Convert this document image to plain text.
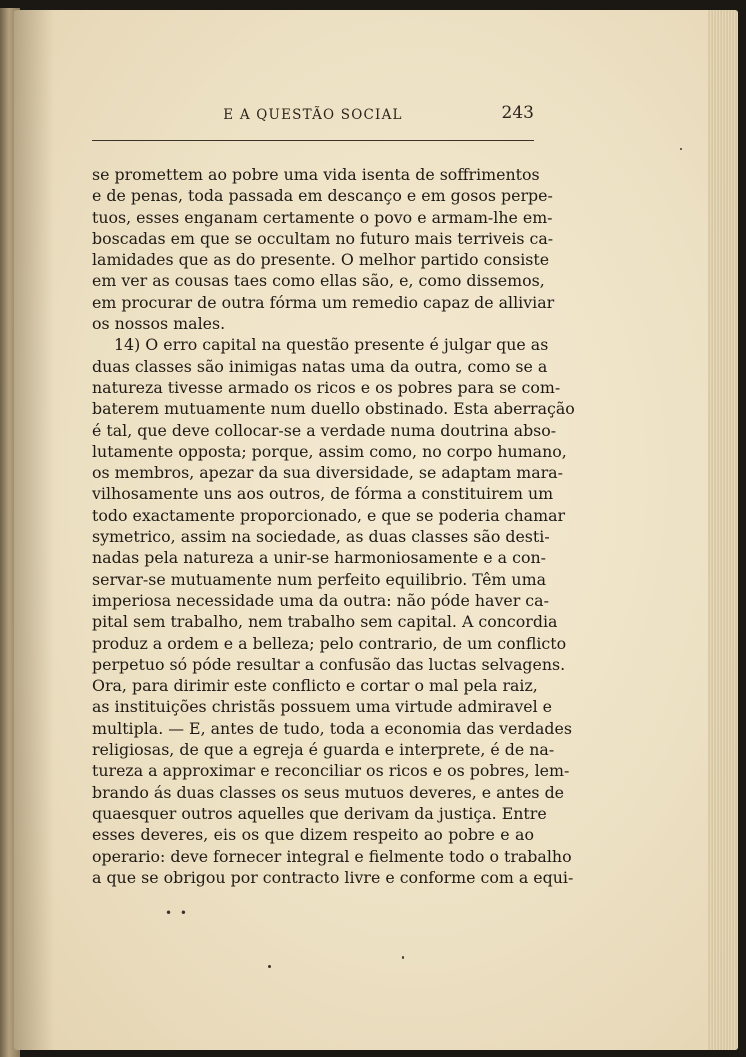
E A QUESTÃO SOCIAL	243
se promettem ao pobre uma vida isenta de soffrimentos
e de penas, toda passada em descanço e em gosos perpe-
tuos, esses enganam certamente o povo e armam-lhe em-
boscadas em que se occultam no futuro mais terriveis ca-
lamidades que as do presente. O melhor partido consiste
em ver as cousas taes como ellas são, e, como dissemos,
em procurar de outra fórma um remedio capaz de alliviar
os nossos males.
14) O erro capital na questão presente é julgar que as
duas classes são inimigas natas uma da outra, como se a
natureza tivesse armado os ricos e os pobres para se com-
baterem mutuamente num duello obstinado. Esta aberração
é tal, que deve collocar-se a verdade numa doutrina abso-
lutamente opposta; porque, assim como, no corpo humano,
os membros, apezar da sua diversidade, se adaptam mara-
vilhosamente uns aos outros, de fórma a constituirem um
todo exactamente proporcionado, e que se poderia chamar
symetrico, assim na sociedade, as duas classes são desti-
nadas pela natureza a unir-se harmoniosamente e a con-
servar-se mutuamente num perfeito equilibrio. Têm uma
imperiosa necessidade uma da outra: não póde haver ca-
pital sem trabalho, nem trabalho sem capital. A concordia
produz a ordem e a belleza; pelo contrario, de um conflicto
perpetuo só póde resultar a confusão das luctas selvagens.
Ora, para dirimir este conflicto e cortar o mal pela raiz,
as instituições christãs possuem uma virtude admiravel e
multipla. — E, antes de tudo, toda a economia das verdades
religiosas, de que a egreja é guarda e interprete, é de na-
tureza a approximar e reconciliar os ricos e os pobres, lem-
brando ás duas classes os seus mutuos deveres, e antes de
quaesquer outros aquelles que derivam da justiça. Entre
esses deveres, eis os que dizem respeito ao pobre e ao
operario: deve fornecer integral e fielmente todo o trabalho
a que se obrigou por contracto livre e conforme com a equi-
• •
